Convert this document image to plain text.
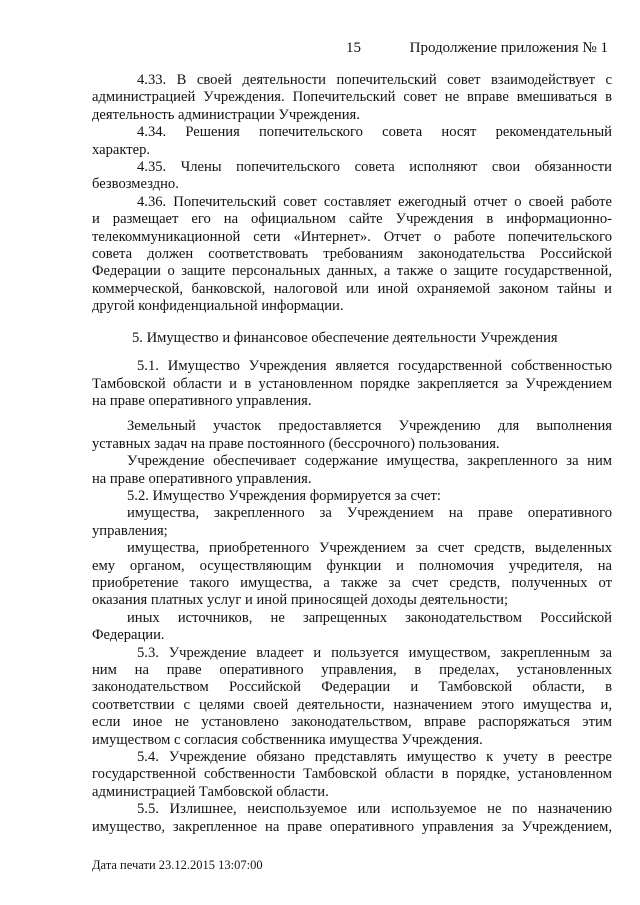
15	Продолжение приложения № 1

4.33. В своей деятельности попечительский совет взаимодействует с

администрацией Учреждения. Попечительский совет не вправе вмешиваться в

деятельность администрации Учреждения.

4.34. Решения попечительского совета носят рекомендательный

характер.

4.35. Члены попечительского совета исполняют свои обязанности

безвозмездно.

4.36. Попечительский совет составляет ежегодный отчет о своей работе

и размещает его на официальном сайте Учреждения в информационно-

телекоммуникационной сети «Интернет». Отчет о работе попечительского

совета должен соответствовать требованиям законодательства Российской

Федерации о защите персональных данных, а также о защите государственной,

коммерческой, банковской, налоговой или иной охраняемой законом тайны и

другой конфиденциальной информации.

5. Имущество и финансовое обеспечение деятельности Учреждения

5.1. Имущество Учреждения является государственной собственностью

Тамбовской области и в установленном порядке закрепляется за Учреждением

на праве оперативного управления.

Земельный участок предоставляется Учреждению для выполнения

уставных задач на праве постоянного (бессрочного) пользования.

Учреждение обеспечивает содержание имущества, закрепленного за ним

на праве оперативного управления.

5.2. Имущество Учреждения формируется за счет:

имущества, закрепленного за Учреждением на праве оперативного

управления;

имущества, приобретенного Учреждением за счет средств, выделенных

ему органом, осуществляющим функции и полномочия учредителя, на

приобретение такого имущества, а также за счет средств, полученных от

оказания платных услуг и иной приносящей доходы деятельности;

иных источников, не запрещенных законодательством Российской

Федерации.

5.3. Учреждение владеет и пользуется имуществом, закрепленным за

ним на праве оперативного управления, в пределах, установленных

законодательством Российской Федерации и Тамбовской области, в

соответствии с целями своей деятельности, назначением этого имущества и,

если иное не установлено законодательством, вправе распоряжаться этим

имуществом с согласия собственника имущества Учреждения.

5.4. Учреждение обязано представлять имущество к учету в реестре

государственной собственности Тамбовской области в порядке, установленном

администрацией Тамбовской области.

5.5. Излишнее, неиспользуемое или используемое не по назначению

имущество, закрепленное на праве оперативного управления за Учреждением,

Дата печати 23.12.2015 13:07:00
